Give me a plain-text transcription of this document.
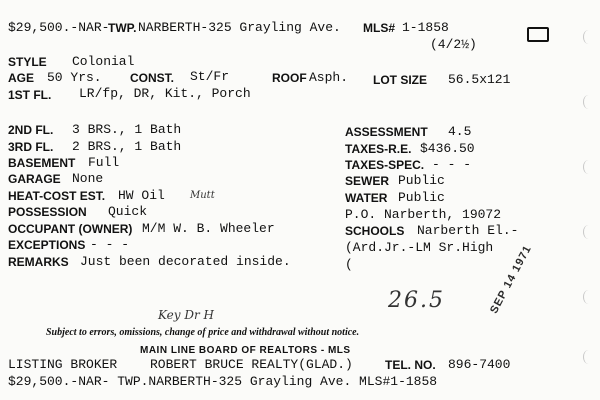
$29,500.-NAR-
TWP. NARBERTH-325 Grayling Ave. MLS# 1-1858
(4/2½)
STYLE Colonial
AGE 50 Yrs. CONST. St/Fr	ROOF Asph. LOT SIZE 56.5x121
1ST FL. LR/fp, DR, Kit., Porch
2ND FL. 3 BRS., 1 Bath
3RD FL. 2 BRS., 1 Bath
BASEMENT Full
GARAGE None
HEAT-COST EST. HW Oil	Mutt
POSSESSION Quick
OCCUPANT (OWNER) M/M W. B. Wheeler
EXCEPTIONS - - -
REMARKS Just been decorated inside.
ASSESSMENT 4.5
TAXES-R.E. $436.50
TAXES-SPEC. - - -
SEWER Public
WATER Public
P.O. Narberth, 19072
SCHOOLS Narberth El.-
(Ard.Jr.-LM Sr.High
(
26.5	SEP 14 1971
Key Dr H
Subject to errors, omissions, change of price and withdrawal without notice.
MAIN LINE BOARD OF REALTORS - MLS
LISTING BROKER	ROBERT BRUCE REALTY(GLAD.)	TEL. NO. 896-7400
$29,500.-NAR- TWP.NARBERTH-325 Grayling Ave. MLS#1-1858
